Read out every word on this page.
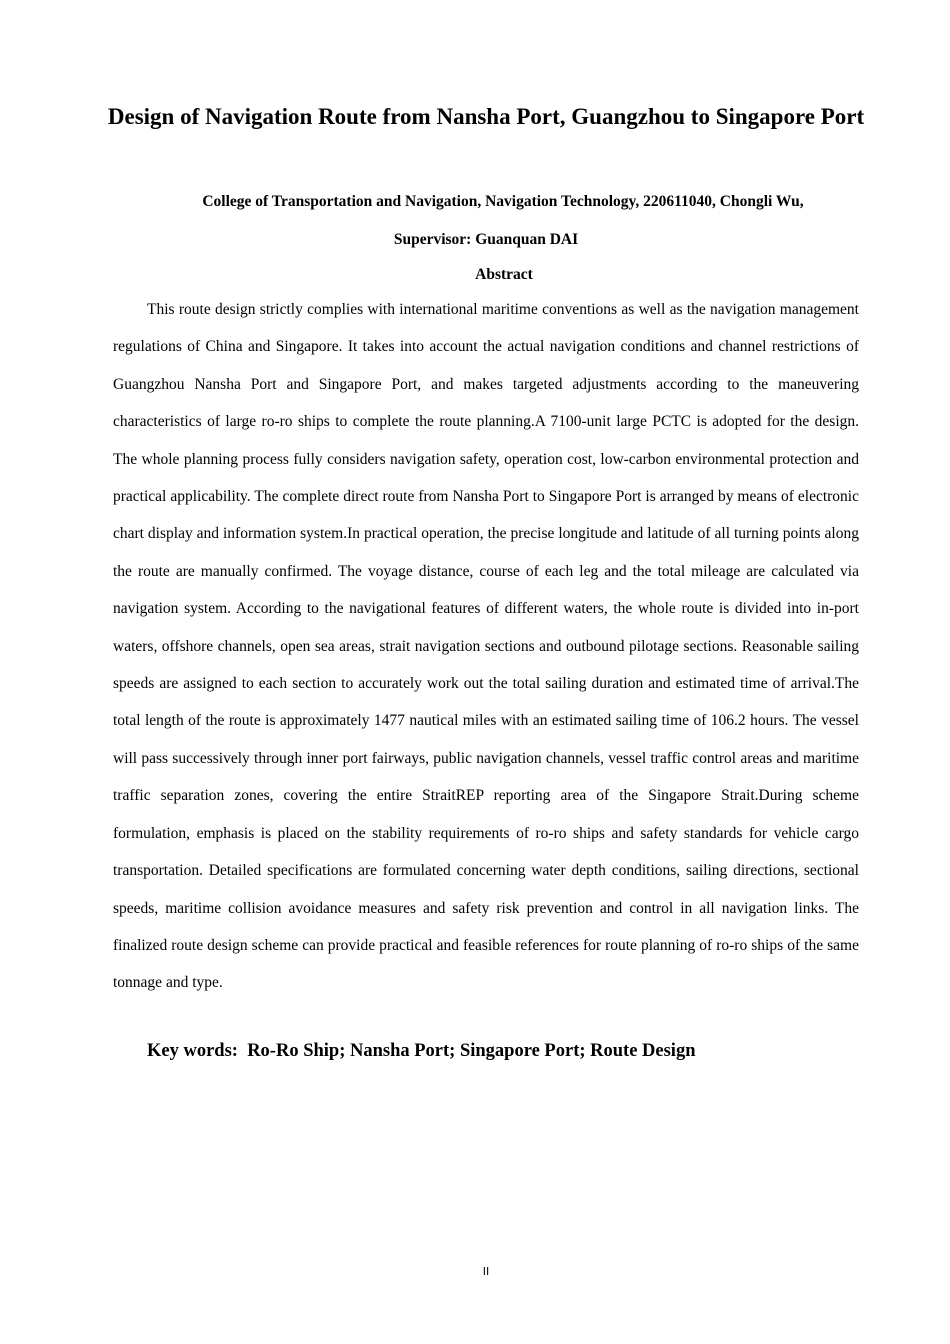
Design of Navigation Route from Nansha Port, Guangzhou to Singapore Port
College of Transportation and Navigation, Navigation Technology, 220611040, Chongli Wu,
Supervisor: Guanquan DAI
Abstract

This route design strictly complies with international maritime conventions as well as the navigation management regulations of China and Singapore. It takes into account the actual navigation conditions and channel restrictions of Guangzhou Nansha Port and Singapore Port, and makes targeted adjustments according to the maneuvering characteristics of large ro-ro ships to complete the route planning.A 7100-unit large PCTC is adopted for the design. The whole planning process fully considers navigation safety, operation cost, low-carbon environmental protection and practical applicability. The complete direct route from Nansha Port to Singapore Port is arranged by means of electronic chart display and information system.In practical operation, the precise longitude and latitude of all turning points along the route are manually confirmed. The voyage distance, course of each leg and the total mileage are calculated via navigation system. According to the navigational features of different waters, the whole route is divided into in-port waters, offshore channels, open sea areas, strait navigation sections and outbound pilotage sections. Reasonable sailing speeds are assigned to each section to accurately work out the total sailing duration and estimated time of arrival.The total length of the route is approximately 1477 nautical miles with an estimated sailing time of 106.2 hours. The vessel will pass successively through inner port fairways, public navigation channels, vessel traffic control areas and maritime traffic separation zones, covering the entire StraitREP reporting area of the Singapore Strait.During scheme formulation, emphasis is placed on the stability requirements of ro-ro ships and safety standards for vehicle cargo transportation. Detailed specifications are formulated concerning water depth conditions, sailing directions, sectional speeds, maritime collision avoidance measures and safety risk prevention and control in all navigation links. The finalized route design scheme can provide practical and feasible references for route planning of ro-ro ships of the same tonnage and type.

Key words:  Ro-Ro Ship; Nansha Port; Singapore Port; Route Design
II
